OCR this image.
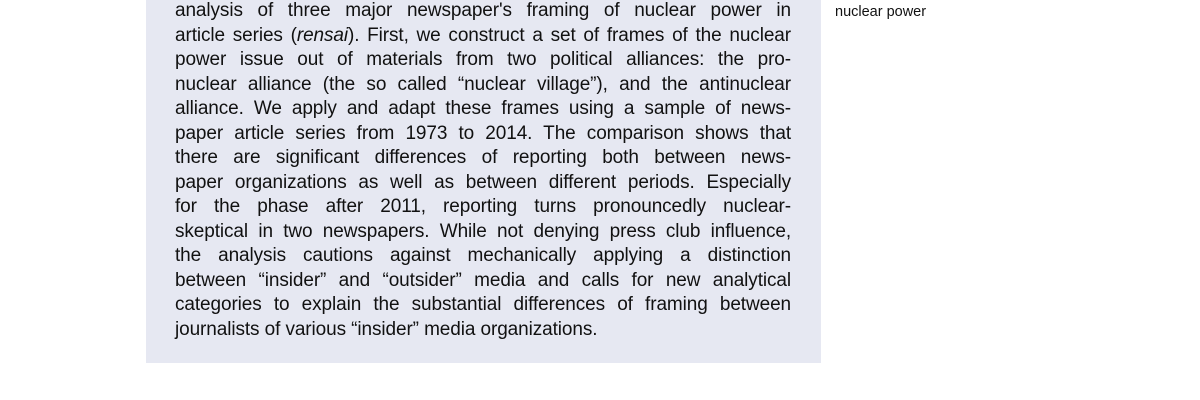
analysis of three major newspaper's framing of nuclear power in
article series (rensai). First, we construct a set of frames of the nuclear
power issue out of materials from two political alliances: the pro-
nuclear alliance (the so called “nuclear village”), and the antinuclear
alliance. We apply and adapt these frames using a sample of news-
paper article series from 1973 to 2014. The comparison shows that
there are significant differences of reporting both between news-
paper organizations as well as between different periods. Especially
for the phase after 2011, reporting turns pronouncedly nuclear-
skeptical in two newspapers. While not denying press club influence,
the analysis cautions against mechanically applying a distinction
between “insider” and “outsider” media and calls for new analytical
categories to explain the substantial differences of framing between
journalists of various “insider” media organizations.
nuclear power
